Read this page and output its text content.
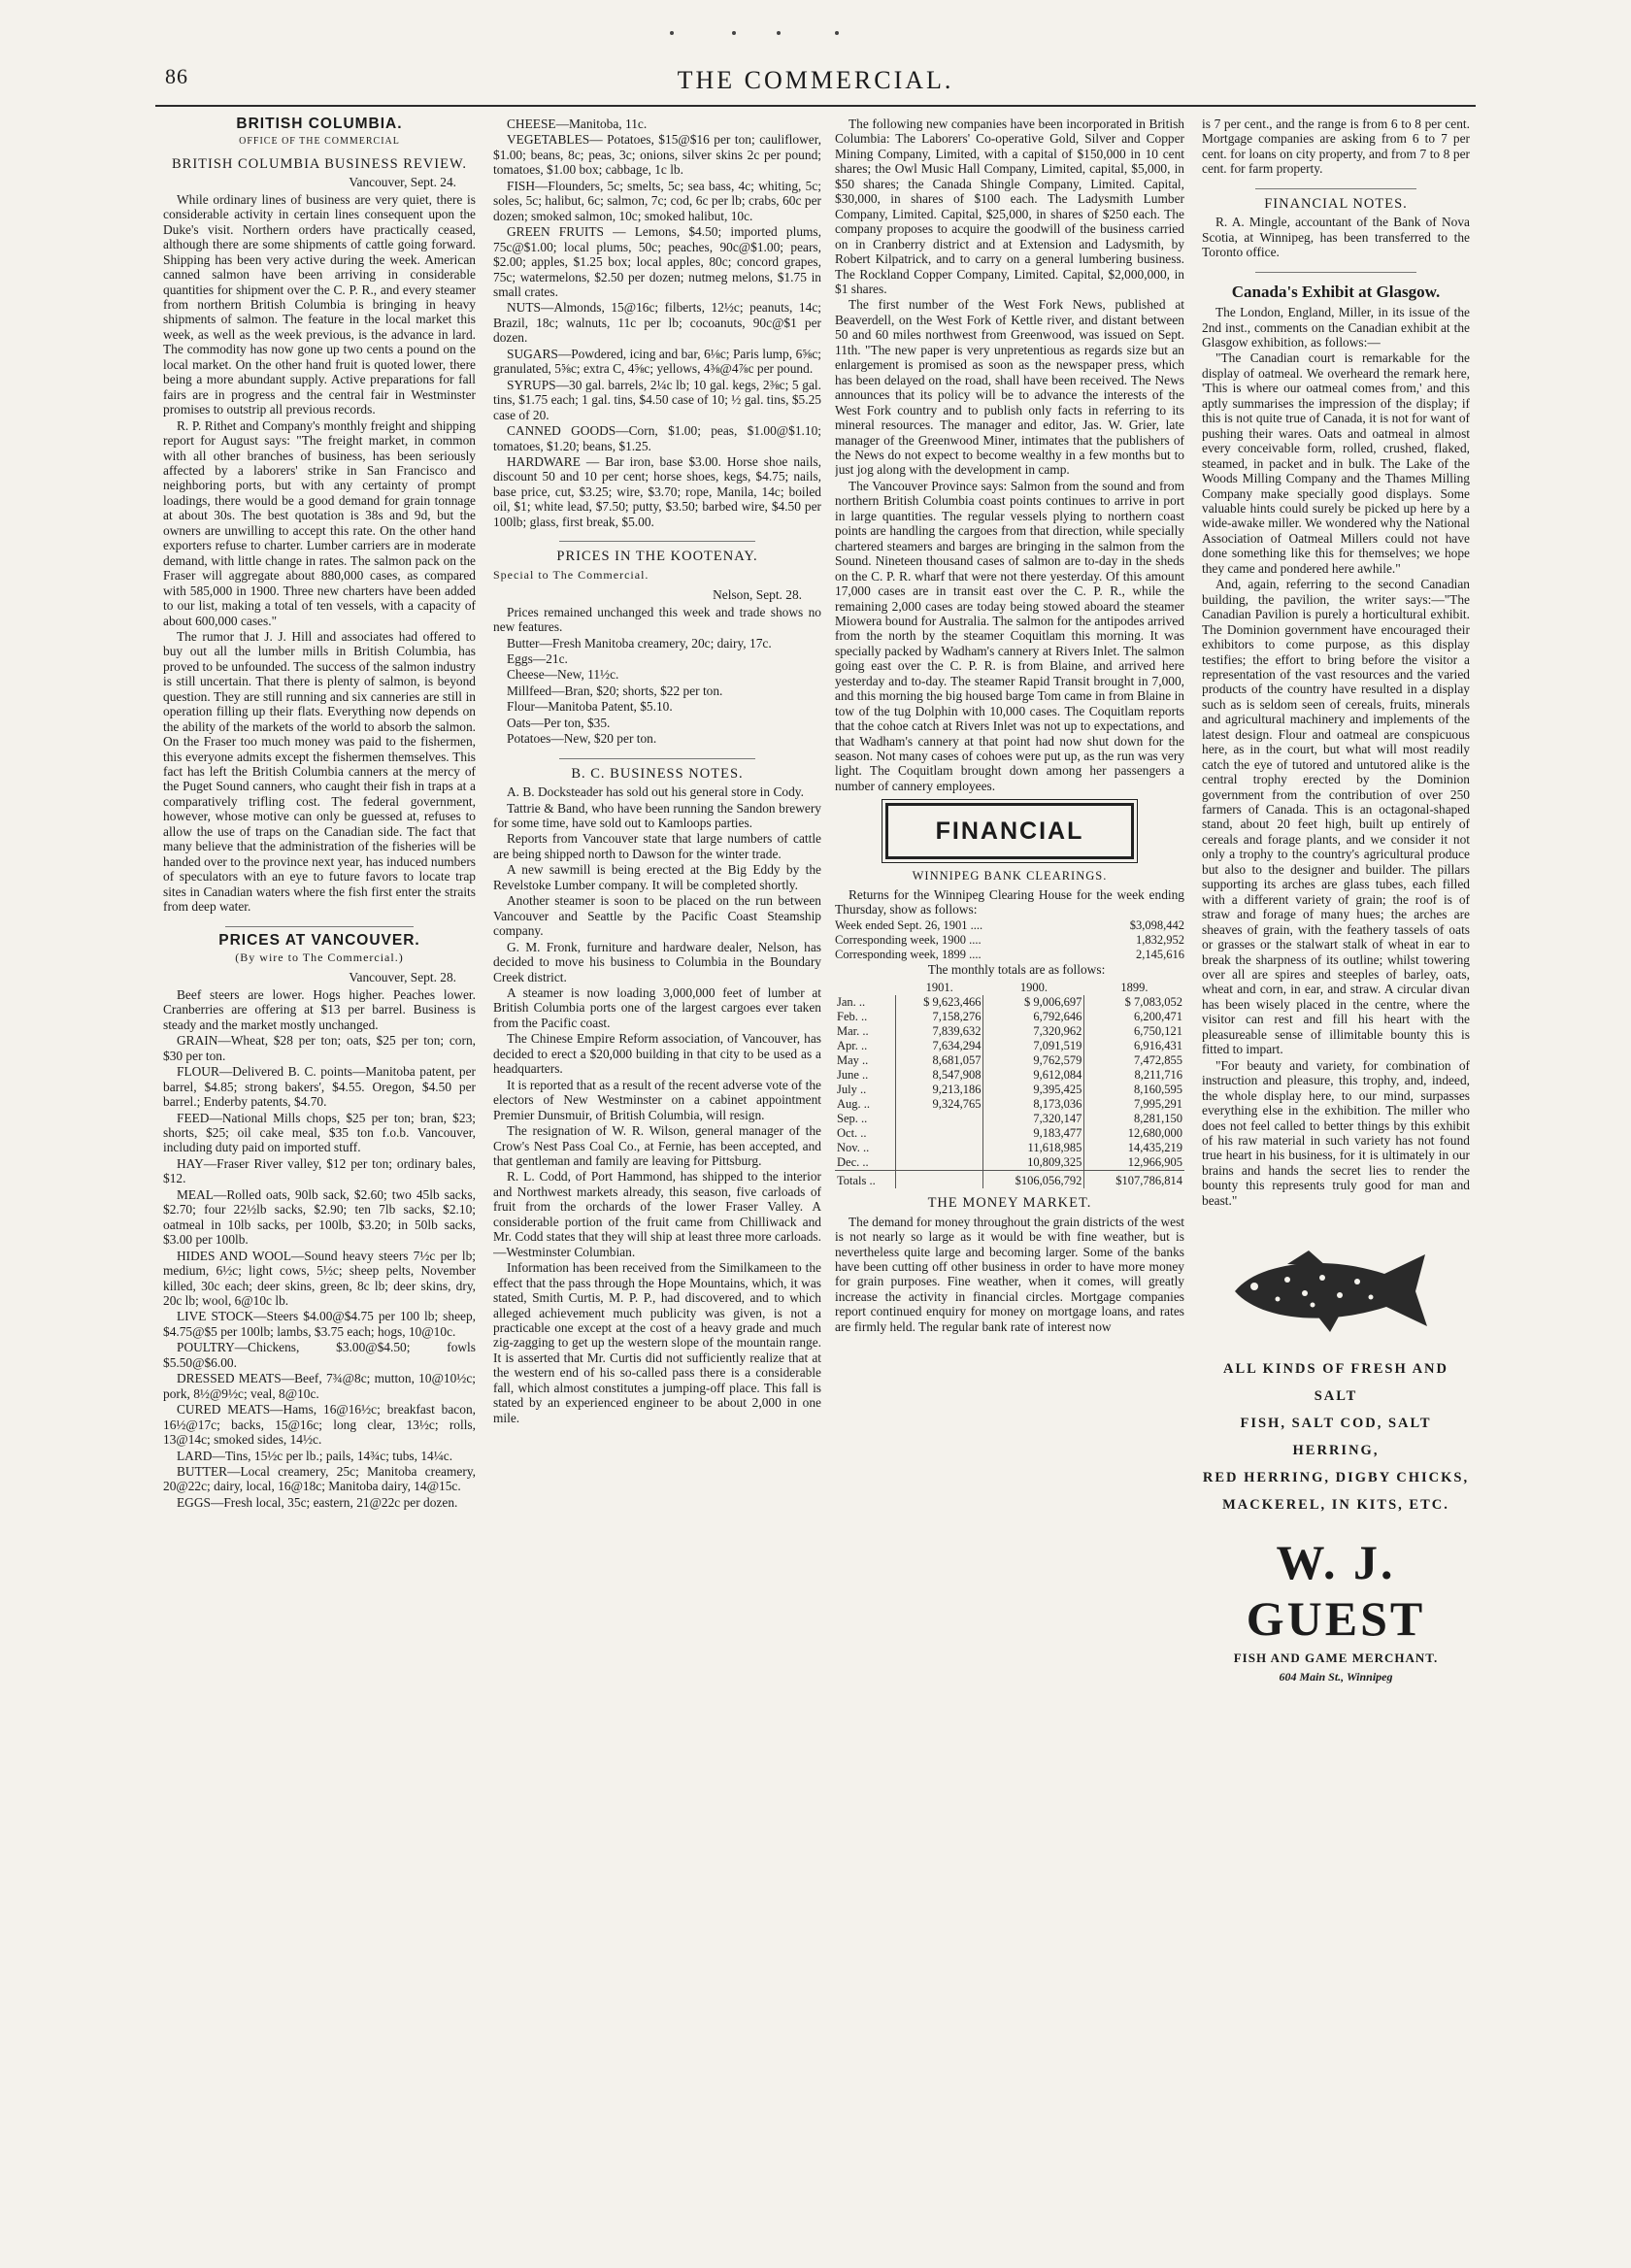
86	THE COMMERCIAL.
BRITISH COLUMBIA.
OFFICE OF THE COMMERCIAL
BRITISH COLUMBIA BUSINESS REVIEW.
Vancouver, Sept. 24.

While ordinary lines of business are very quiet, there is considerable activity in certain lines consequent upon the Duke's visit. Northern orders have practically ceased, although there are some shipments of cattle going forward. Shipping has been very active during the week. American canned salmon have been arriving in considerable quantities for shipment over the C. P. R., and every steamer from northern British Columbia is bringing in heavy shipments of salmon. The feature in the local market this week, as well as the week previous, is the advance in lard. The commodity has now gone up two cents a pound on the local market. On the other hand fruit is quoted lower, there being a more abundant supply. Active preparations for fall fairs are in progress and the central fair in Westminster promises to outstrip all previous records.

R. P. Rithet and Company's monthly freight and shipping report for August says: "The freight market, in common with all other branches of business, has been seriously affected by a laborers' strike in San Francisco and neighboring ports, but with any certainty of prompt loadings, there would be a good demand for grain tonnage at about 30s. The best quotation is 38s and 9d, but the owners are unwilling to accept this rate. On the other hand exporters refuse to charter. Lumber carriers are in moderate demand, with little change in rates. The salmon pack on the Fraser will aggregate about 880,000 cases, as compared with 585,000 in 1900. Three new charters have been added to our list, making a total of ten vessels, with a capacity of about 600,000 cases."

The rumor that J. J. Hill and associates had offered to buy out all the lumber mills in British Columbia, has proved to be unfounded. The success of the salmon industry is still uncertain. That there is plenty of salmon, is beyond question. They are still running and six canneries are still in operation filling up their flats. Everything now depends on the ability of the markets of the world to absorb the salmon. On the Fraser too much money was paid to the fishermen, this everyone admits except the fishermen themselves. This fact has left the British Columbia canners at the mercy of the Puget Sound canners, who caught their fish in traps at a comparatively trifling cost. The federal government, however, whose motive can only be guessed at, refuses to allow the use of traps on the Canadian side. The fact that many believe that the administration of the fisheries will be handed over to the province next year, has induced numbers of speculators with an eye to future favors to locate trap sites in Canadian waters where the fish first enter the straits from deep water.

PRICES AT VANCOUVER.
(By wire to The Commercial.)
Vancouver, Sept. 28.

Beef steers are lower. Hogs higher. Peaches lower. Cranberries are offering at $13 per barrel. Business is steady and the market mostly unchanged.

GRAIN—Wheat, $28 per ton; oats, $25 per ton; corn, $30 per ton.

FLOUR—Delivered B. C. points—Manitoba patent, per barrel, $4.85; strong bakers', $4.55. Oregon, $4.50 per barrel.; Enderby patents, $4.70.

FEED—National Mills chops, $25 per ton; bran, $23; shorts, $25; oil cake meal, $35 ton f.o.b. Vancouver, including duty paid on imported stuff.

HAY—Fraser River valley, $12 per ton; ordinary bales, $12.

MEAL—Rolled oats, 90lb sack, $2.60; two 45lb sacks, $2.70; four 22½lb sacks, $2.90; ten 7lb sacks, $2.10; oatmeal in 10lb sacks, per 100lb, $3.20; in 50lb sacks, $3.00 per 100lb.

HIDES AND WOOL—Sound heavy steers 7½c per lb; medium, 6½c; light cows, 5½c; sheep pelts, November killed, 30c each; deer skins, green, 8c lb; deer skins, dry, 20c lb; wool, 6@10c lb.

LIVE STOCK—Steers $4.00@$4.75 per 100 lb; sheep, $4.75@$5 per 100lb; lambs, $3.75 each; hogs, 10@10c.

POULTRY—Chickens, $3.00@$4.50; fowls $5.50@$6.00.

DRESSED MEATS—Beef, 7¾@8c; mutton, 10@10½c; pork, 8½@9½c; veal, 8@10c.

CURED MEATS—Hams, 16@16½c; breakfast bacon, 16½@17c; backs, 15@16c; long clear, 13½c; rolls, 13@14c; smoked sides, 14½c.

LARD—Tins, 15½c per lb.; pails, 14¾c; tubs, 14¼c.

BUTTER—Local creamery, 25c; Manitoba creamery, 20@22c; dairy, local, 16@18c; Manitoba dairy, 14@15c.

EGGS—Fresh local, 35c; eastern, 21@22c per dozen.

CHEESE—Manitoba, 11c.

VEGETABLES— Potatoes, $15@$16 per ton; cauliflower, $1.00; beans, 8c; peas, 3c; onions, silver skins 2c per pound; tomatoes, $1.00 box; cabbage, 1c lb.

FISH—Flounders, 5c; smelts, 5c; sea bass, 4c; whiting, 5c; soles, 5c; halibut, 6c; salmon, 7c; cod, 6c per lb; crabs, 60c per dozen; smoked salmon, 10c; smoked halibut, 10c.

GREEN FRUITS — Lemons, $4.50; imported plums, 75c@$1.00; local plums, 50c; peaches, 90c@$1.00; pears, $2.00; apples, $1.25 box; local apples, 80c; concord grapes, 75c; watermelons, $2.50 per dozen; nutmeg melons, $1.75 in small crates.

NUTS—Almonds, 15@16c; filberts, 12½c; peanuts, 14c; Brazil, 18c; walnuts, 11c per lb; cocoanuts, 90c@$1 per dozen.

SUGARS—Powdered, icing and bar, 6⅛c; Paris lump, 6⅝c; granulated, 5⅝c; extra C, 4⅝c; yellows, 4⅜@4⅞c per pound.

SYRUPS—30 gal. barrels, 2¼c lb; 10 gal. kegs, 2⅜c; 5 gal. tins, $1.75 each; 1 gal. tins, $4.50 case of 10; ½ gal. tins, $5.25 case of 20.

CANNED GOODS—Corn, $1.00; peas, $1.00@$1.10; tomatoes, $1.20; beans, $1.25.

HARDWARE — Bar iron, base $3.00. Horse shoe nails, discount 50 and 10 per cent; horse shoes, kegs, $4.75; nails, base price, cut, $3.25; wire, $3.70; rope, Manila, 14c; boiled oil, $1; white lead, $7.50; putty, $3.50; barbed wire, $4.50 per 100lb; glass, first break, $5.00.

PRICES IN THE KOOTENAY.
Special to The Commercial.
Nelson, Sept. 28.

Prices remained unchanged this week and trade shows no new features.

Butter—Fresh Manitoba creamery, 20c; dairy, 17c.

Eggs—21c.

Cheese—New, 11½c.

Millfeed—Bran, $20; shorts, $22 per ton.

Flour—Manitoba Patent, $5.10.

Oats—Per ton, $35.

Potatoes—New, $20 per ton.

B. C. BUSINESS NOTES.

A. B. Docksteader has sold out his general store in Cody.

Tattrie & Band, who have been running the Sandon brewery for some time, have sold out to Kamloops parties.

Reports from Vancouver state that large numbers of cattle are being shipped north to Dawson for the winter trade.

A new sawmill is being erected at the Big Eddy by the Revelstoke Lumber company. It will be completed shortly.

Another steamer is soon to be placed on the run between Vancouver and Seattle by the Pacific Coast Steamship company.

G. M. Fronk, furniture and hardware dealer, Nelson, has decided to move his business to Columbia in the Boundary Creek district.

A steamer is now loading 3,000,000 feet of lumber at British Columbia ports one of the largest cargoes ever taken from the Pacific coast.

The Chinese Empire Reform association, of Vancouver, has decided to erect a $20,000 building in that city to be used as a headquarters.

It is reported that as a result of the recent adverse vote of the electors of New Westminster on a cabinet appointment Premier Dunsmuir, of British Columbia, will resign.

The resignation of W. R. Wilson, general manager of the Crow's Nest Pass Coal Co., at Fernie, has been accepted, and that gentleman and family are leaving for Pittsburg.

R. L. Codd, of Port Hammond, has shipped to the interior and Northwest markets already, this season, five carloads of fruit from the orchards of the lower Fraser Valley. A considerable portion of the fruit came from Chilliwack and Mr. Codd states that they will ship at least three more carloads.—Westminster Columbian.

Information has been received from the Similkameen to the effect that the pass through the Hope Mountains, which, it was stated, Smith Curtis, M. P. P., had discovered, and to which alleged achievement much publicity was given, is not a practicable one except at the cost of a heavy grade and much zig-zagging to get up the western slope of the mountain range. It is asserted that Mr. Curtis did not sufficiently realize that at the western end of his so-called pass there is a considerable fall, which almost constitutes a jumping-off place. This fall is stated by an experienced engineer to be about 2,000 in one mile.

The following new companies have been incorporated in British Columbia: The Laborers' Co-operative Gold, Silver and Copper Mining Company, Limited, with a capital of $150,000 in 10 cent shares; the Owl Music Hall Company, Limited, capital, $5,000, in $50 shares; the Canada Shingle Company, Limited. Capital, $30,000, in shares of $100 each. The Ladysmith Lumber Company, Limited. Capital, $25,000, in shares of $250 each. The company proposes to acquire the goodwill of the business carried on in Cranberry district and at Extension and Ladysmith, by Robert Kilpatrick, and to carry on a general lumbering business. The Rockland Copper Company, Limited. Capital, $2,000,000, in $1 shares.

The first number of the West Fork News, published at Beaverdell, on the West Fork of Kettle river, and distant between 50 and 60 miles northwest from Greenwood, was issued on Sept. 11th. "The new paper is very unpretentious as regards size but an enlargement is promised as soon as the newspaper press, which has been delayed on the road, shall have been received. The News announces that its policy will be to advance the interests of the West Fork country and to publish only facts in referring to its mineral resources. The manager and editor, Jas. W. Grier, late manager of the Greenwood Miner, intimates that the publishers of the News do not expect to become wealthy in a few months but to just jog along with the development in camp.

The Vancouver Province says: Salmon from the sound and from northern British Columbia coast points continues to arrive in port in large quantities. The regular vessels plying to northern coast points are handling the cargoes from that direction, while specially chartered steamers and barges are bringing in the salmon from the Sound. Nineteen thousand cases of salmon are to-day in the sheds on the C. P. R. wharf that were not there yesterday. Of this amount 17,000 cases are in transit east over the C. P. R., while the remaining 2,000 cases are today being stowed aboard the steamer Miowera bound for Australia. The salmon for the antipodes arrived from the north by the steamer Coquitlam this morning. It was specially packed by Wadham's cannery at Rivers Inlet. The salmon going east over the C. P. R. is from Blaine, and arrived here yesterday and to-day. The steamer Rapid Transit brought in 7,000, and this morning the big housed barge Tom came in from Blaine in tow of the tug Dolphin with 10,000 cases. The Coquitlam reports that the cohoe catch at Rivers Inlet was not up to expectations, and that Wadham's cannery at that point had now shut down for the season. Not many cases of cohoes were put up, as the run was very light. The Coquitlam brought down among her passengers a number of cannery employees.

FINANCIAL
WINNIPEG BANK CLEARINGS.

Returns for the Winnipeg Clearing House for the week ending Thursday, show as follows:

Week ended Sept. 26, 1901 ....	$3,098,442
Corresponding week, 1900 ....	1,832,952
Corresponding week, 1899 ....	2,145,616

The monthly totals are as follows:

	1901.	1900.	1899.
Jan. ..	$ 9,623,466	$ 9,006,697	$ 7,083,052
Feb. ..	7,158,276	6,792,646	6,200,471
Mar. ..	7,839,632	7,320,962	6,750,121
Apr. ..	7,634,294	7,091,519	6,916,431
May ..	8,681,057	9,762,579	7,472,855
June ..	8,547,908	9,612,084	8,211,716
July ..	9,213,186	9,395,425	8,160,595
Aug. ..	9,324,765	8,173,036	7,995,291
Sep. ..		7,320,147	8,281,150
Oct. ..		9,183,477	12,680,000
Nov. ..		11,618,985	14,435,219
Dec. ..		10,809,325	12,966,905
Totals ..		$106,056,792	$107,786,814
THE MONEY MARKET.

The demand for money throughout the grain districts of the west is not nearly so large as it would be with fine weather, but is nevertheless quite large and becoming larger. Some of the banks have been cutting off other business in order to have more money for grain purposes. Fine weather, when it comes, will greatly increase the activity in financial circles. Mortgage companies report continued enquiry for money on mortgage loans, and rates are firmly held. The regular bank rate of interest now

is 7 per cent., and the range is from 6 to 8 per cent. Mortgage companies are asking from 6 to 7 per cent. for loans on city property, and from 7 to 8 per cent. for farm property.

FINANCIAL NOTES.

R. A. Mingle, accountant of the Bank of Nova Scotia, at Winnipeg, has been transferred to the Toronto office.

Canada's Exhibit at Glasgow.

The London, England, Miller, in its issue of the 2nd inst., comments on the Canadian exhibit at the Glasgow exhibition, as follows:—

"The Canadian court is remarkable for the display of oatmeal. We overheard the remark here, 'This is where our oatmeal comes from,' and this aptly summarises the impression of the display; if this is not quite true of Canada, it is not for want of pushing their wares. Oats and oatmeal in almost every conceivable form, rolled, crushed, flaked, steamed, in packet and in bulk. The Lake of the Woods Milling Company and the Thames Milling Company make specially good displays. Some valuable hints could surely be picked up here by a wide-awake miller. We wondered why the National Association of Oatmeal Millers could not have done something like this for themselves; we hope they came and pondered here awhile."

And, again, referring to the second Canadian building, the pavilion, the writer says:—"The Canadian Pavilion is purely a horticultural exhibit. The Dominion government have encouraged their exhibitors to come purpose, as this display testifies; the effort to bring before the visitor a representation of the vast resources and the varied products of the country have resulted in a display such as is seldom seen of cereals, fruits, minerals and agricultural machinery and implements of the latest design. Flour and oatmeal are conspicuous here, as in the court, but what will most readily catch the eye of tutored and untutored alike is the central trophy erected by the Dominion government from the contribution of over 250 farmers of Canada. This is an octagonal-shaped stand, about 20 feet high, built up entirely of cereals and forage plants, and we consider it not only a trophy to the country's agricultural produce but also to the designer and builder. The pillars supporting its arches are glass tubes, each filled with a different variety of grain; the roof is of straw and forage of many hues; the arches are sheaves of grain, with the feathery tassels of oats or grasses or the stalwart stalk of wheat in ear to break the sharpness of its outline; whilst towering over all are spires and steeples of barley, oats, wheat and corn, in ear, and straw. A circular divan has been wisely placed in the centre, where the visitor can rest and fill his heart with the pleasureable sense of illimitable bounty this is fitted to impart.

"For beauty and variety, for combination of instruction and pleasure, this trophy, and, indeed, the whole display here, to our mind, surpasses everything else in the exhibition. The miller who does not feel called to better things by this exhibit of his raw material in such variety has not found true heart in his business, for it is ultimately in our brains and hands the secret lies to render the bounty this represents truly good for man and beast."

ALL KINDS OF FRESH AND SALT
FISH, SALT COD, SALT HERRING,
RED HERRING, DIGBY CHICKS,
MACKEREL, IN KITS, ETC.
W. J. GUEST
FISH AND GAME MERCHANT.
604 Main St., Winnipeg
